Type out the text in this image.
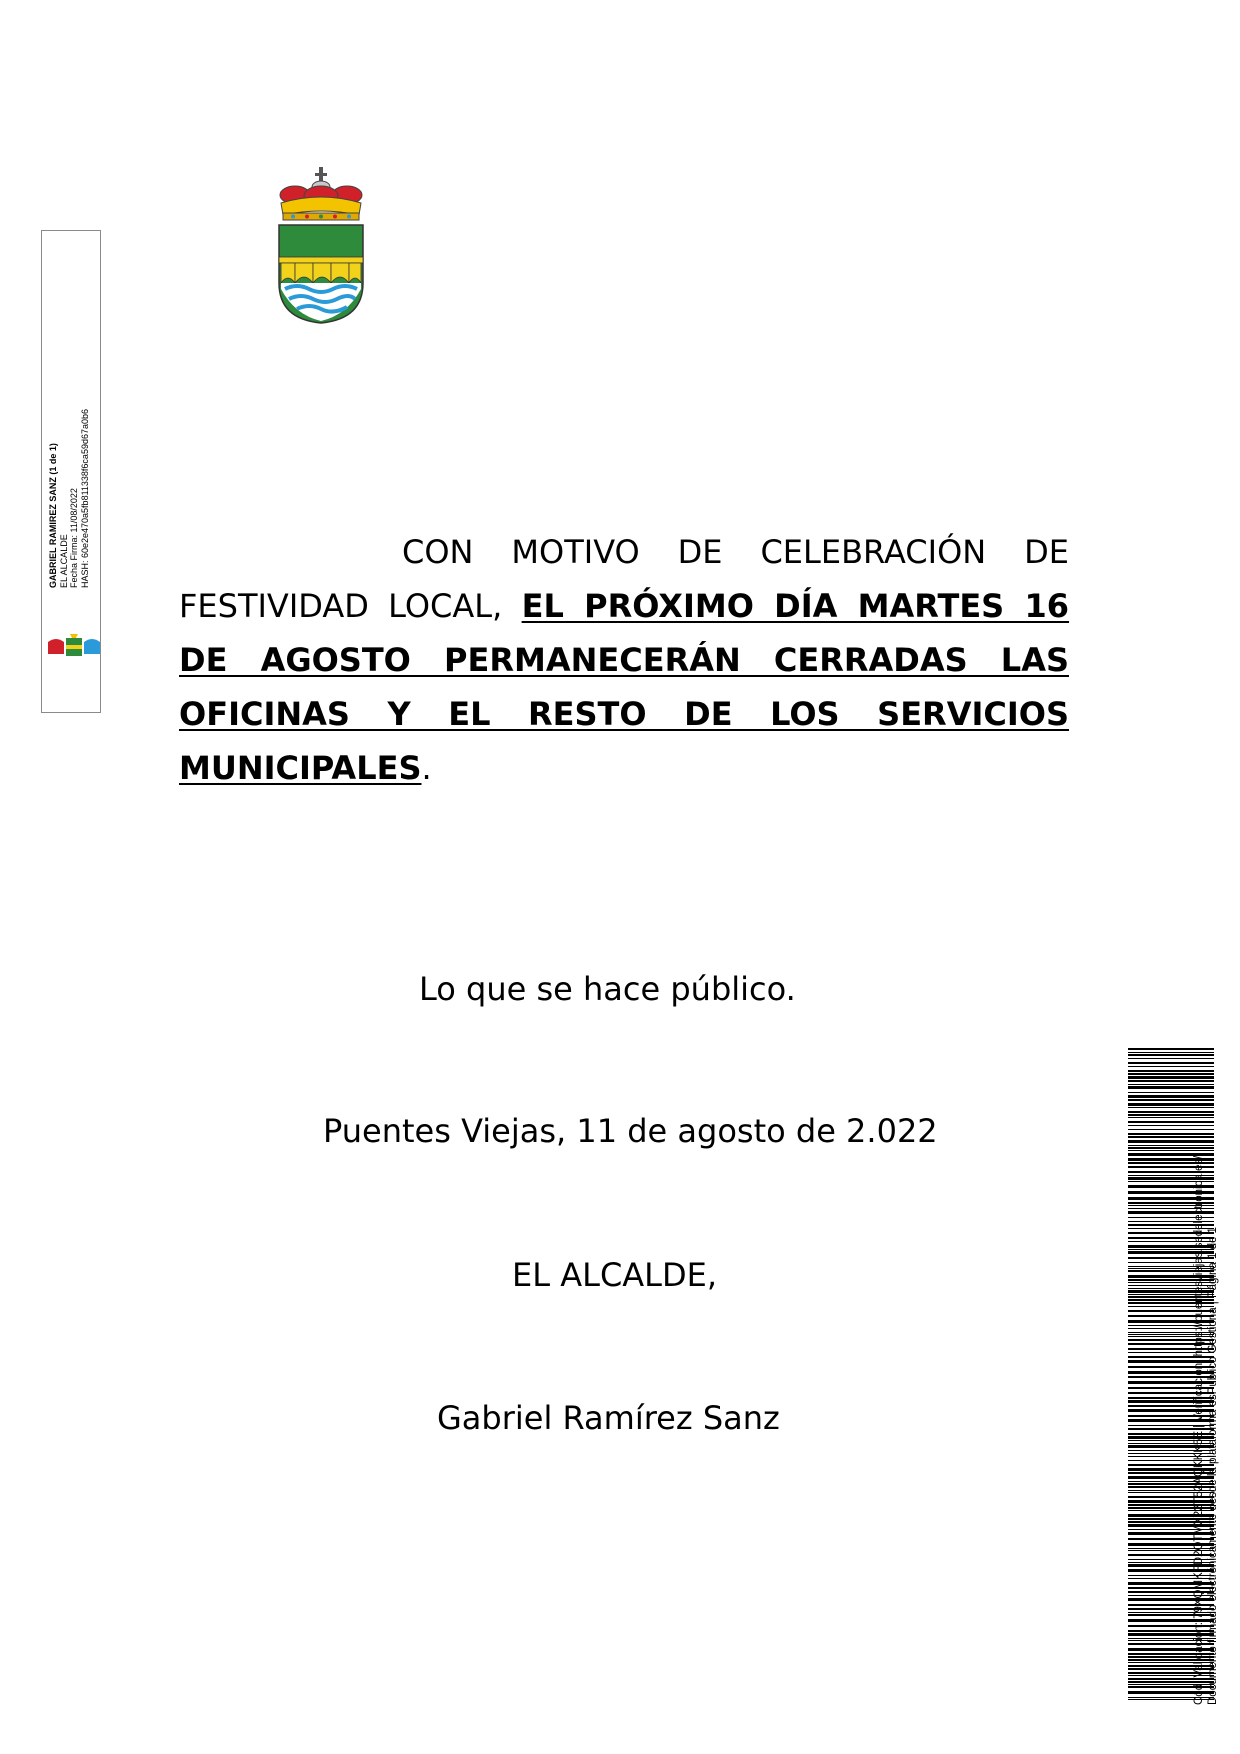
GABRIEL RAMIREZ SANZ (1 de 1) EL ALCALDE Fecha Firma: 11/08/2022 HASH: 60e2e470a5fb811338f6ca59d67a0b6	CON MOTIVO DE CELEBRACIÓN DE FESTIVIDAD LOCAL, EL PRÓXIMO DÍA MARTES 16 DE AGOSTO PERMANECERÁN CERRADAS LAS OFICINAS Y EL RESTO DE LOS SERVICIOS MUNICIPALES.
Lo que se hace público.
Puentes Viejas, 11 de agosto de 2.022
EL ALCALDE,
Gabriel Ramírez Sanz	Cód. Validación: 79XQMKFD2QTMX22T52AQKKK5E | Verificación: https://puentesviejas.sedelectronica.es/ Documento firmado electrónicamente desde la plataforma esPublico Gestiona | Página 1 de 1
